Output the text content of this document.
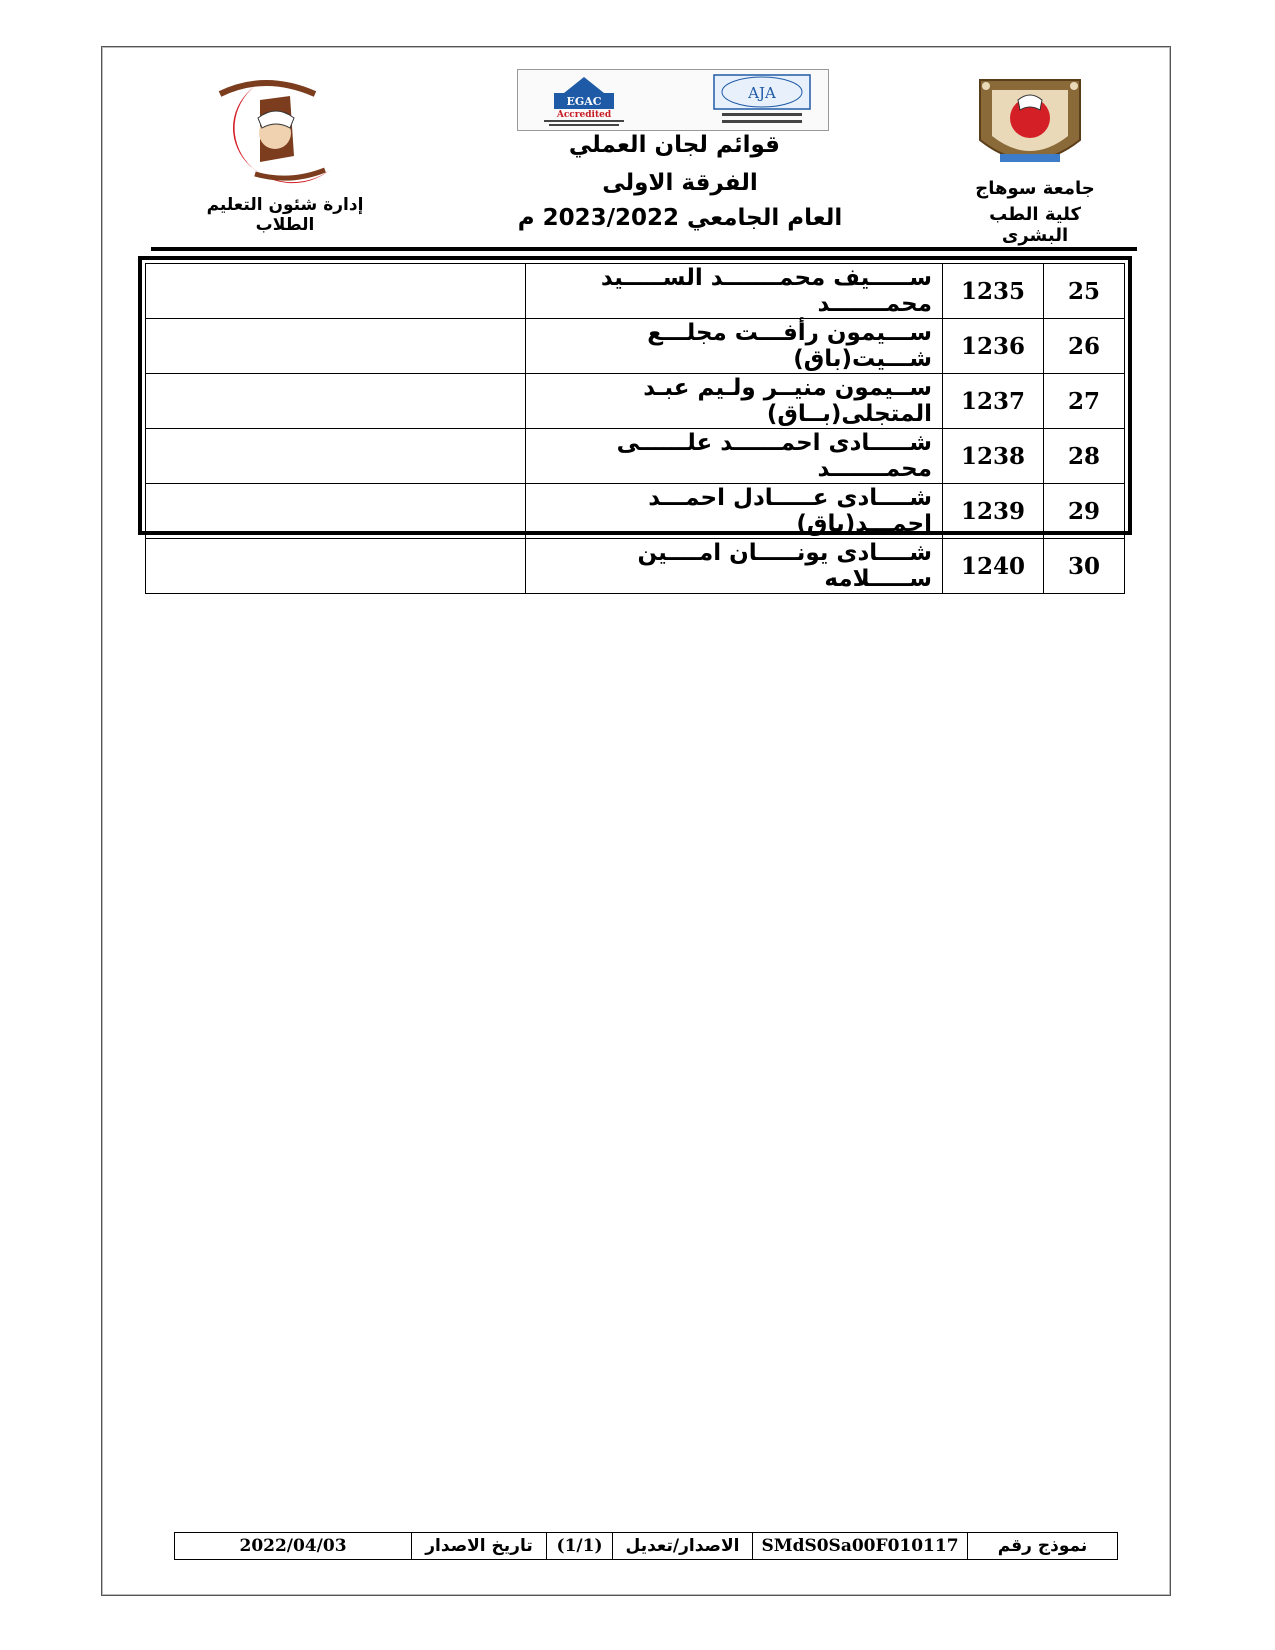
EGAC
Accredited
AJA
قوائم لجان العملي
الفرقة الاولى
العام الجامعي 2023/2022 م
جامعة سوهاج
كلية الطب البشرى
إدارة شئون التعليم الطلاب
25	1235	ســـــيف محمـــــــد الســـــيد محمـــــــد	
26	1236	ســـيمون رأفـــت مجلـــع شـــيت(باق)	
27	1237	ســيمون منيــر ولـيم عبـد المتجلى(بــاق)	
28	1238	شـــــادى احمــــــد علــــــى محمـــــــد	
29	1239	شــــادى عـــــادل احمـــد احمـــد(باق)	
30	1240	شــــادى يونـــــان امــــين ســـــلامه	
نموذج رقم
SMdS0Sa00F010117
الاصدار/تعديل
(1/1)
تاريخ الاصدار
2022/04/03
